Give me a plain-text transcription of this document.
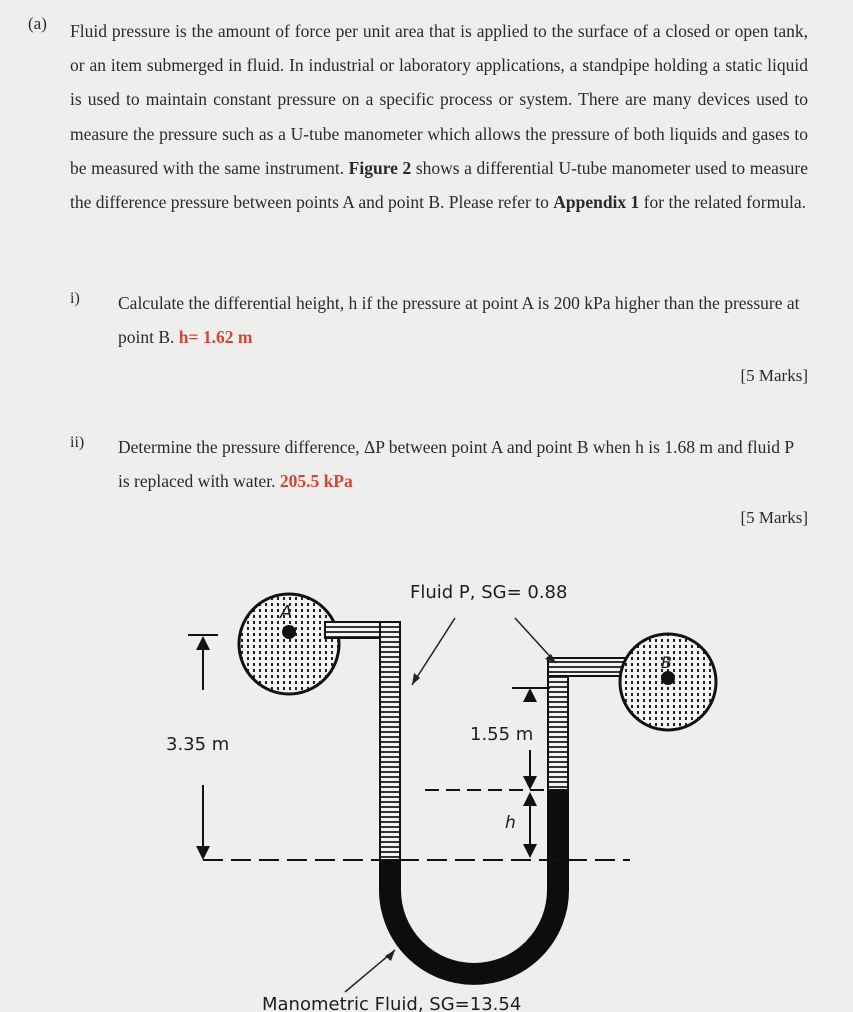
(a) Fluid pressure is the amount of force per unit area that is applied to the surface of a closed or open tank, or an item submerged in fluid. In industrial or laboratory applications, a standpipe holding a static liquid is used to maintain constant pressure on a specific process or system. There are many devices used to measure the pressure such as a U-tube manometer which allows the pressure of both liquids and gases to be measured with the same instrument. Figure 2 shows a differential U-tube manometer used to measure the difference pressure between points A and point B. Please refer to Appendix 1 for the related formula.
i) Calculate the differential height, h if the pressure at point A is 200 kPa higher than the pressure at point B. h= 1.62 m
[5 Marks]
ii) Determine the pressure difference, ΔP between point A and point B when h is 1.68 m and fluid P is replaced with water. 205.5 kPa
[5 Marks]
A
B
Fluid P, SG= 0.88
3.35 m	1.55 m
h
Manometric Fluid, SG=13.54
